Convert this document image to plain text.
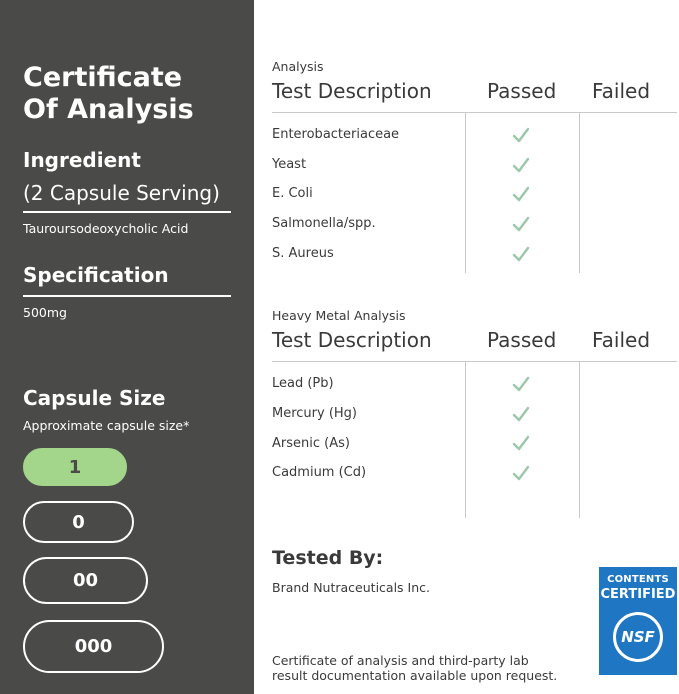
Certificate
Of Analysis
Ingredient
(2 Capsule Serving)
Tauroursodeoxycholic Acid
Specification
500mg
Capsule Size
Approximate capsule size*
1
0
00
000
Analysis
Test Description	Passed Failed
Enterobacteriaceae
Yeast
E. Coli
Salmonella/spp.
S. Aureus
Heavy Metal Analysis
Test Description	Passed Failed
Lead (Pb)
Mercury (Hg)
Arsenic (As)
Cadmium (Cd)
Tested By:
Brand Nutraceuticals Inc.
Certificate of analysis and third-party lab
result documentation available upon request.
CONTENTS
CERTIFIED
NSF
